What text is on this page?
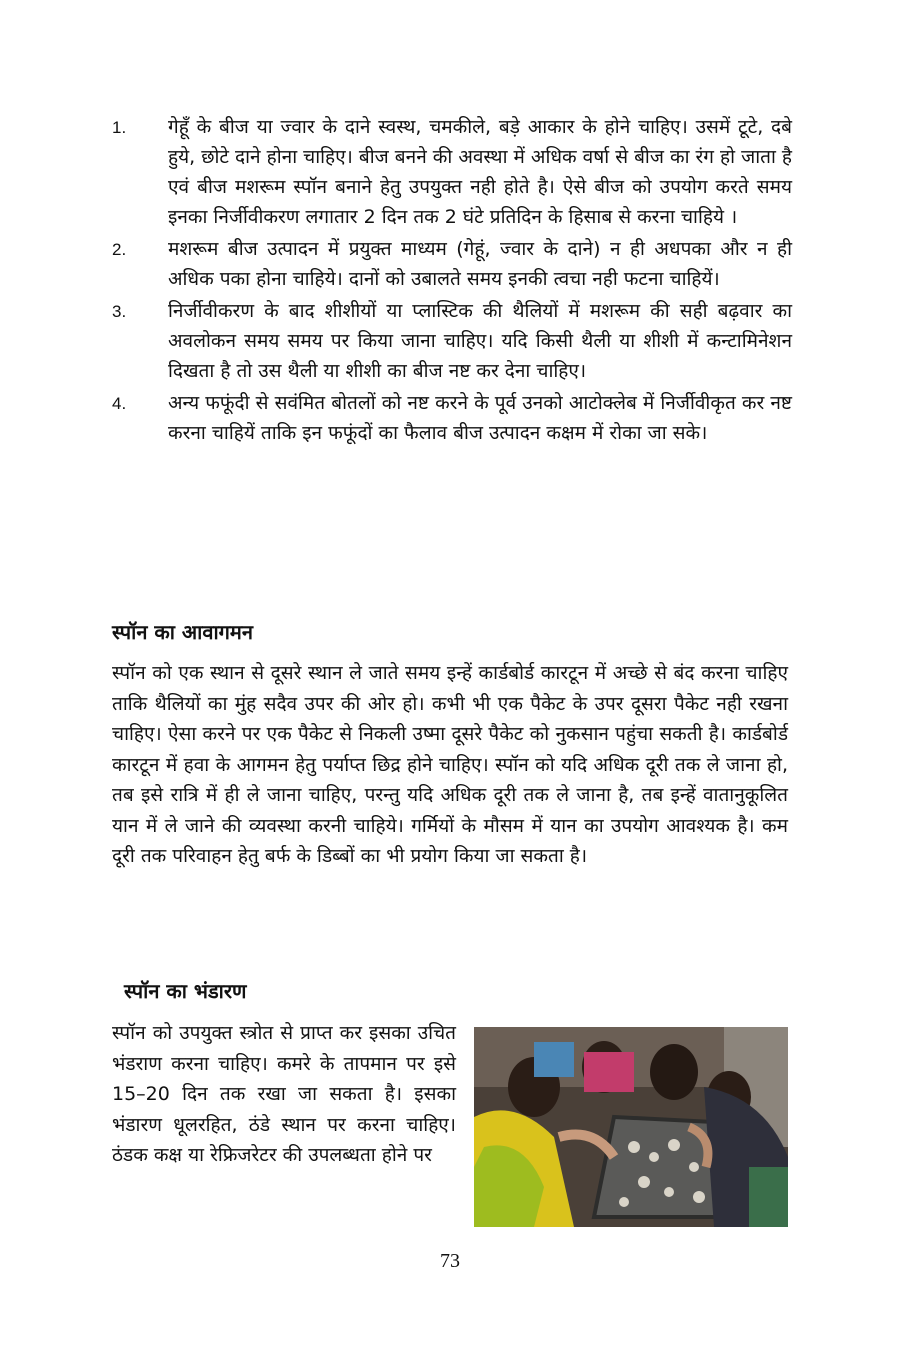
1. गेहूँ के बीज या ज्वार के दाने स्वस्थ, चमकीले, बड़े आकार के होने चाहिए। उसमें टूटे, दबे हुये, छोटे दाने होना चाहिए। बीज बनने की अवस्था में अधिक वर्षा से बीज का रंग हो जाता है एवं बीज मशरूम स्पॉन बनाने हेतु उपयुक्त नही होते है। ऐसे बीज को उपयोग करते समय इनका निर्जीवीकरण लगातार 2 दिन तक 2 घंटे प्रतिदिन के हिसाब से करना चाहिये ।
2. मशरूम बीज उत्पादन में प्रयुक्त माध्यम (गेहूं, ज्वार के दाने) न ही अधपका और न ही अधिक पका होना चाहिये। दानों को उबालते समय इनकी त्वचा नही फटना चाहियें।
3. निर्जीवीकरण के बाद शीशीयों या प्लास्टिक की थैलियों में मशरूम की सही बढ़वार का अवलोकन समय समय पर किया जाना चाहिए। यदि किसी थैली या शीशी में कन्टामिनेशन दिखता है तो उस थैली या शीशी का बीज नष्ट कर देना चाहिए।
4. अन्य फफूंदी से सवंमित बोतलों को नष्ट करने के पूर्व उनको आटोक्लेब में निर्जीवीकृत कर नष्ट करना चाहियें ताकि इन फफूंदों का फैलाव बीज उत्पादन कक्षम में रोका जा सके।
स्पॉन का आवागमन
स्पॉन को एक स्थान से दूसरे स्थान ले जाते समय इन्हें कार्डबोर्ड कारटून में अच्छे से बंद करना चाहिए ताकि थैलियों का मुंह सदैव उपर की ओर हो। कभी भी एक पैकेट के उपर दूसरा पैकेट नही रखना चाहिए। ऐसा करने पर एक पैकेट से निकली उष्मा दूसरे पैकेट को नुकसान पहुंचा सकती है। कार्डबोर्ड कारटून में हवा के आगमन हेतु पर्याप्त छिद्र होने चाहिए। स्पॉन को यदि अधिक दूरी तक ले जाना हो, तब इसे रात्रि में ही ले जाना चाहिए, परन्तु यदि अधिक दूरी तक ले जाना है, तब इन्हें वातानुकूलित यान में ले जाने की व्यवस्था करनी चाहिये। गर्मियों के मौसम में यान का उपयोग आवश्यक है। कम दूरी तक परिवाहन हेतु बर्फ के डिब्बों का भी प्रयोग किया जा सकता है।
स्पॉन का भंडारण
स्पॉन को उपयुक्त स्त्रोत से प्राप्त कर इसका उचित भंडराण करना चाहिए। कमरे के तापमान पर इसे 15–20 दिन तक रखा जा सकता है। इसका भंडारण धूलरहित, ठंडे स्थान पर करना चाहिए। ठंडक कक्ष या रेफ्रिजरेटर की उपलब्धता होने पर
73
